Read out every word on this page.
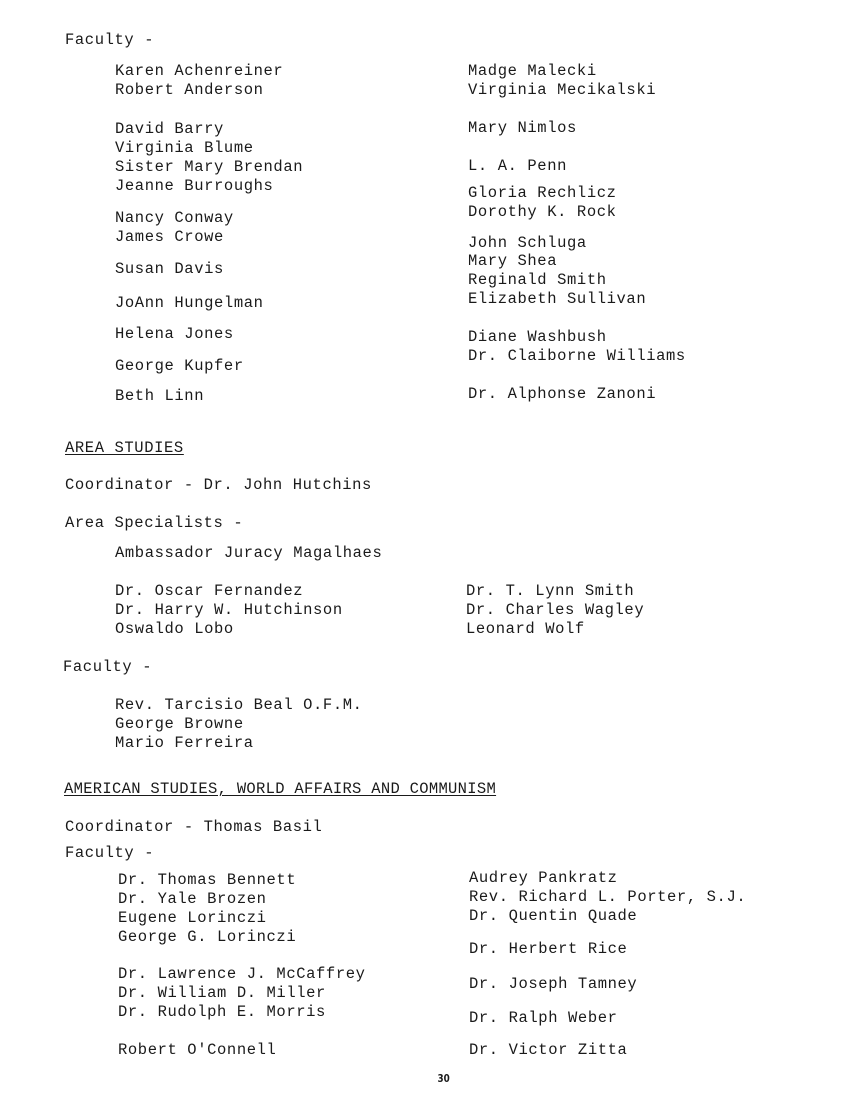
Faculty -
Karen Achenreiner
Robert Anderson
David Barry
Virginia Blume
Sister Mary Brendan
Jeanne Burroughs
Nancy Conway
James Crowe
Susan Davis
JoAnn Hungelman
Helena Jones
George Kupfer
Beth Linn
Madge Malecki
Virginia Mecikalski
Mary Nimlos
L. A. Penn
Gloria Rechlicz
Dorothy K. Rock
John Schluga
Mary Shea
Reginald Smith
Elizabeth Sullivan
Diane Washbush
Dr. Claiborne Williams
Dr. Alphonse Zanoni
AREA STUDIES
Coordinator - Dr. John Hutchins
Area Specialists -
Ambassador Juracy Magalhaes
Dr. Oscar Fernandez
Dr. Harry W. Hutchinson
Oswaldo Lobo
Dr. T. Lynn Smith
Dr. Charles Wagley
Leonard Wolf
Faculty -
Rev. Tarcisio Beal O.F.M.
George Browne
Mario Ferreira
AMERICAN STUDIES, WORLD AFFAIRS AND COMMUNISM
Coordinator - Thomas Basil
Faculty -
Dr. Thomas Bennett
Dr. Yale Brozen
Eugene Lorinczi
George G. Lorinczi
Dr. Lawrence J. McCaffrey
Dr. William D. Miller
Dr. Rudolph E. Morris
Robert O'Connell
Audrey Pankratz
Rev. Richard L. Porter, S.J.
Dr. Quentin Quade
Dr. Herbert Rice
Dr. Joseph Tamney
Dr. Ralph Weber
Dr. Victor Zitta
30
